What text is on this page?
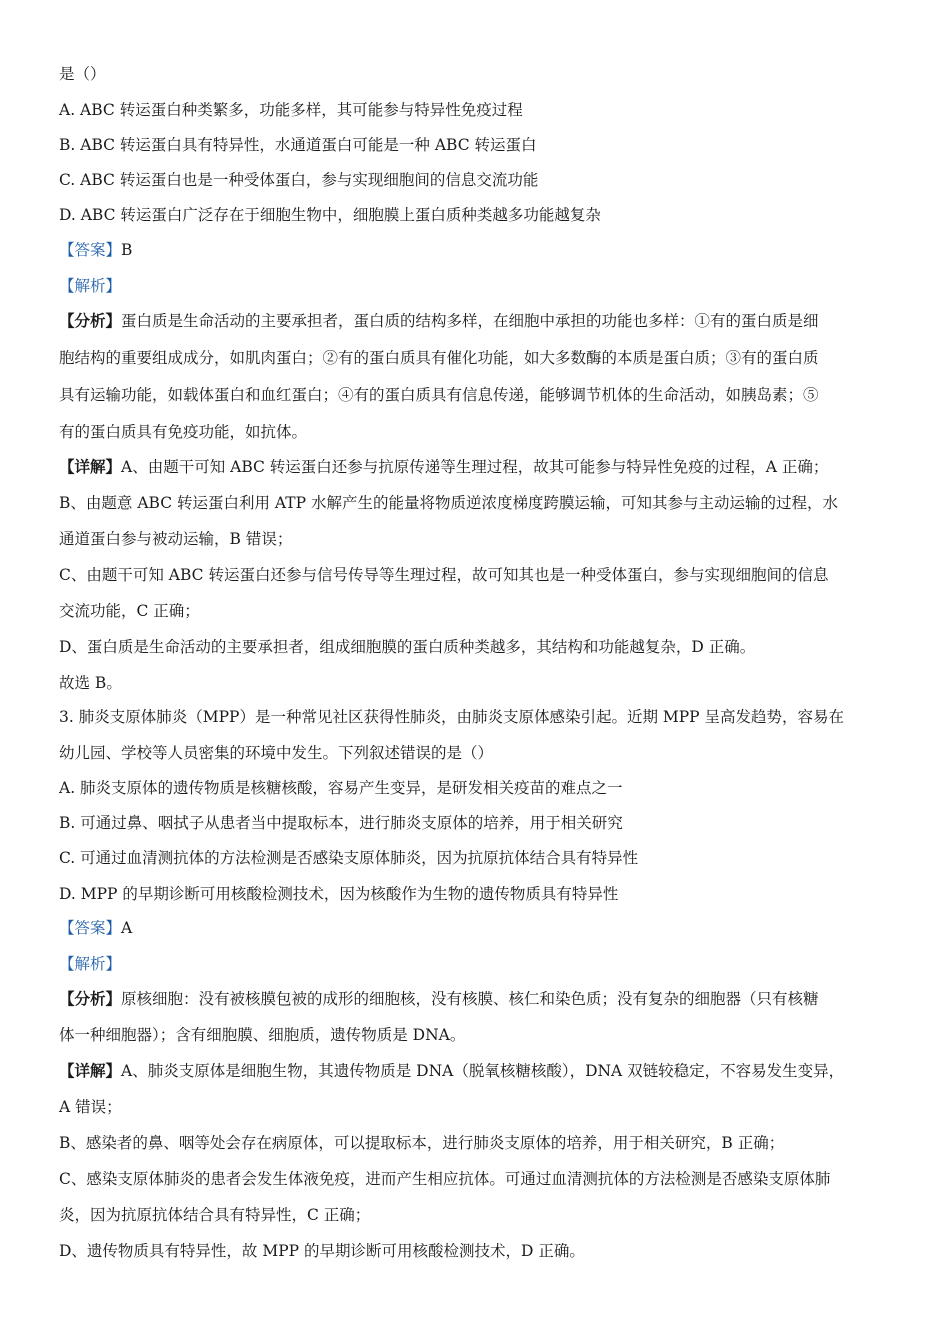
是（）
A. ABC 转运蛋白种类繁多，功能多样，其可能参与特异性免疫过程
B. ABC 转运蛋白具有特异性，水通道蛋白可能是一种 ABC 转运蛋白
C. ABC 转运蛋白也是一种受体蛋白，参与实现细胞间的信息交流功能
D. ABC 转运蛋白广泛存在于细胞生物中，细胞膜上蛋白质种类越多功能越复杂
【答案】B
【解析】
【分析】蛋白质是生命活动的主要承担者，蛋白质的结构多样，在细胞中承担的功能也多样：①有的蛋白质是细
胞结构的重要组成成分，如肌肉蛋白；②有的蛋白质具有催化功能，如大多数酶的本质是蛋白质；③有的蛋白质
具有运输功能，如载体蛋白和血红蛋白；④有的蛋白质具有信息传递，能够调节机体的生命活动，如胰岛素；⑤
有的蛋白质具有免疫功能，如抗体。
【详解】A、由题干可知 ABC 转运蛋白还参与抗原传递等生理过程，故其可能参与特异性免疫的过程，A 正确；
B、由题意 ABC 转运蛋白利用 ATP 水解产生的能量将物质逆浓度梯度跨膜运输，可知其参与主动运输的过程，水
通道蛋白参与被动运输，B 错误；
C、由题干可知 ABC 转运蛋白还参与信号传导等生理过程，故可知其也是一种受体蛋白，参与实现细胞间的信息
交流功能，C 正确；
D、蛋白质是生命活动的主要承担者，组成细胞膜的蛋白质种类越多，其结构和功能越复杂，D 正确。
故选 B。
3. 肺炎支原体肺炎（MPP）是一种常见社区获得性肺炎，由肺炎支原体感染引起。近期 MPP 呈高发趋势，容易在
幼儿园、学校等人员密集的环境中发生。下列叙述错误的是（）
A. 肺炎支原体的遗传物质是核糖核酸，容易产生变异，是研发相关疫苗的难点之一
B. 可通过鼻、咽拭子从患者当中提取标本，进行肺炎支原体的培养，用于相关研究
C. 可通过血清测抗体的方法检测是否感染支原体肺炎，因为抗原抗体结合具有特异性
D. MPP 的早期诊断可用核酸检测技术，因为核酸作为生物的遗传物质具有特异性
【答案】A
【解析】
【分析】原核细胞：没有被核膜包被的成形的细胞核，没有核膜、核仁和染色质；没有复杂的细胞器（只有核糖
体一种细胞器）；含有细胞膜、细胞质，遗传物质是 DNA。
【详解】A、肺炎支原体是细胞生物，其遗传物质是 DNA（脱氧核糖核酸），DNA 双链较稳定，不容易发生变异，
A 错误；
B、感染者的鼻、咽等处会存在病原体，可以提取标本，进行肺炎支原体的培养，用于相关研究，B 正确；
C、感染支原体肺炎的患者会发生体液免疫，进而产生相应抗体。可通过血清测抗体的方法检测是否感染支原体肺
炎，因为抗原抗体结合具有特异性，C 正确；
D、遗传物质具有特异性，故 MPP 的早期诊断可用核酸检测技术，D 正确。
